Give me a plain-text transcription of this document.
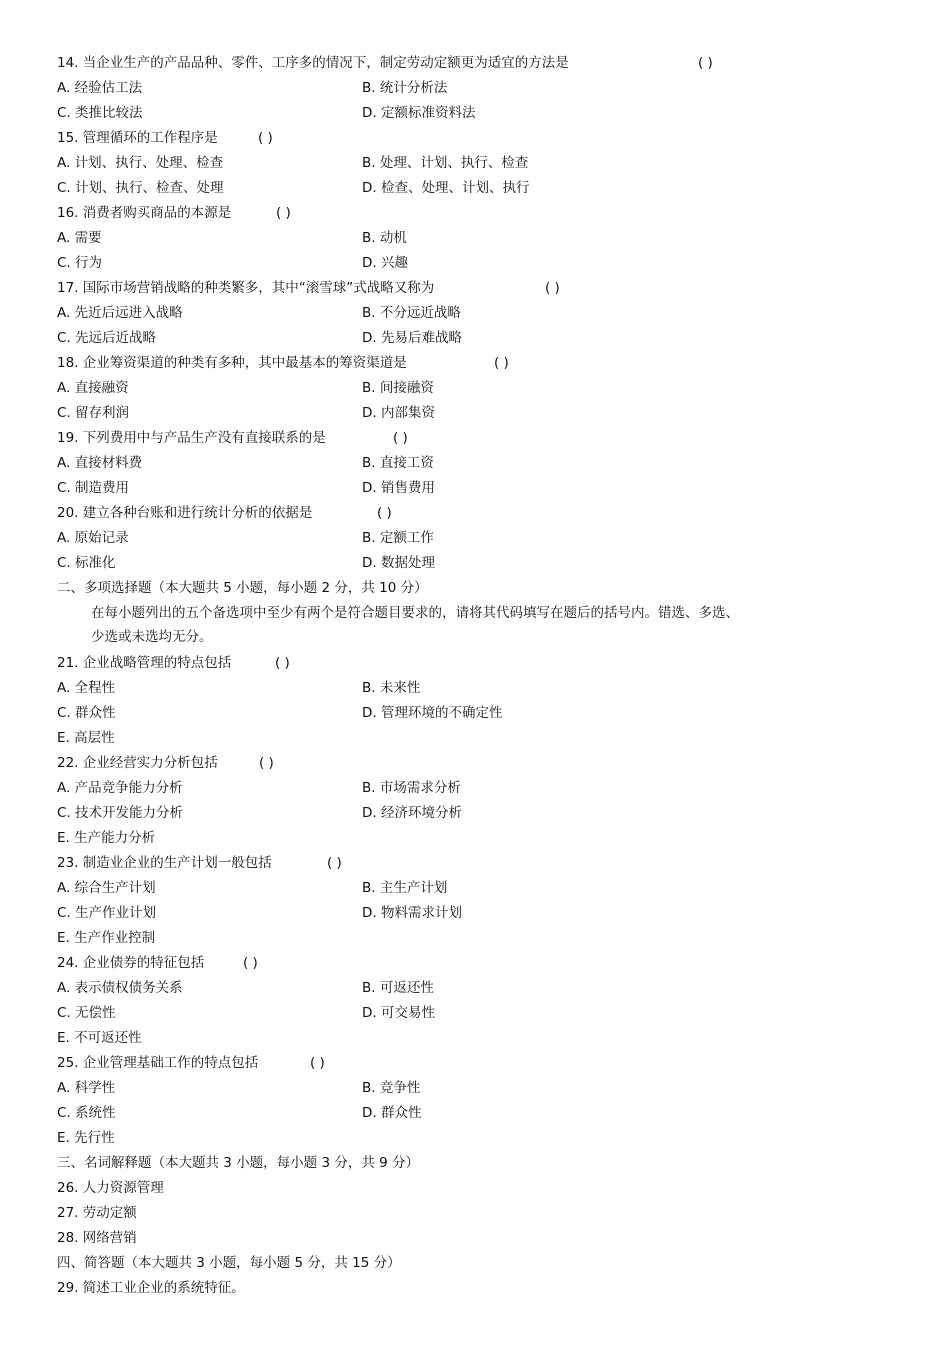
14. 当企业生产的产品品种、零件、工序多的情况下，制定劳动定额更为适宜的方法是	( )
A. 经验估工法	B. 统计分析法
C. 类推比较法	D. 定额标准资料法
15. 管理循环的工作程序是	( )
A. 计划、执行、处理、检查	B. 处理、计划、执行、检查
C. 计划、执行、检查、处理	D. 检查、处理、计划、执行
16. 消费者购买商品的本源是	( )
A. 需要	B. 动机
C. 行为	D. 兴趣
17. 国际市场营销战略的种类繁多，其中“滚雪球”式战略又称为	( )
A. 先近后远进入战略	B. 不分远近战略
C. 先远后近战略	D. 先易后难战略
18. 企业筹资渠道的种类有多种，其中最基本的筹资渠道是	( )
A. 直接融资	B. 间接融资
C. 留存利润	D. 内部集资
19. 下列费用中与产品生产没有直接联系的是	( )
A. 直接材料费	B. 直接工资
C. 制造费用	D. 销售费用
20. 建立各种台账和进行统计分析的依据是	( )
A. 原始记录	B. 定额工作
C. 标准化	D. 数据处理
二、多项选择题（本大题共 5 小题，每小题 2 分，共 10 分）
在每小题列出的五个备选项中至少有两个是符合题目要求的，请将其代码填写在题后的括号内。错选、多选、
少选或未选均无分。
21. 企业战略管理的特点包括	( )
A. 全程性	B. 未来性
C. 群众性	D. 管理环境的不确定性
E. 高层性
22. 企业经营实力分析包括	( )
A. 产品竞争能力分析	B. 市场需求分析
C. 技术开发能力分析	D. 经济环境分析
E. 生产能力分析
23. 制造业企业的生产计划一般包括	( )
A. 综合生产计划	B. 主生产计划
C. 生产作业计划	D. 物料需求计划
E. 生产作业控制
24. 企业债券的特征包括	( )
A. 表示债权债务关系	B. 可返还性
C. 无偿性	D. 可交易性
E. 不可返还性
25. 企业管理基础工作的特点包括	( )
A. 科学性	B. 竞争性
C. 系统性	D. 群众性
E. 先行性
三、名词解释题（本大题共 3 小题，每小题 3 分，共 9 分）
26. 人力资源管理
27. 劳动定额
28. 网络营销
四、简答题（本大题共 3 小题，每小题 5 分，共 15 分）
29. 简述工业企业的系统特征。
